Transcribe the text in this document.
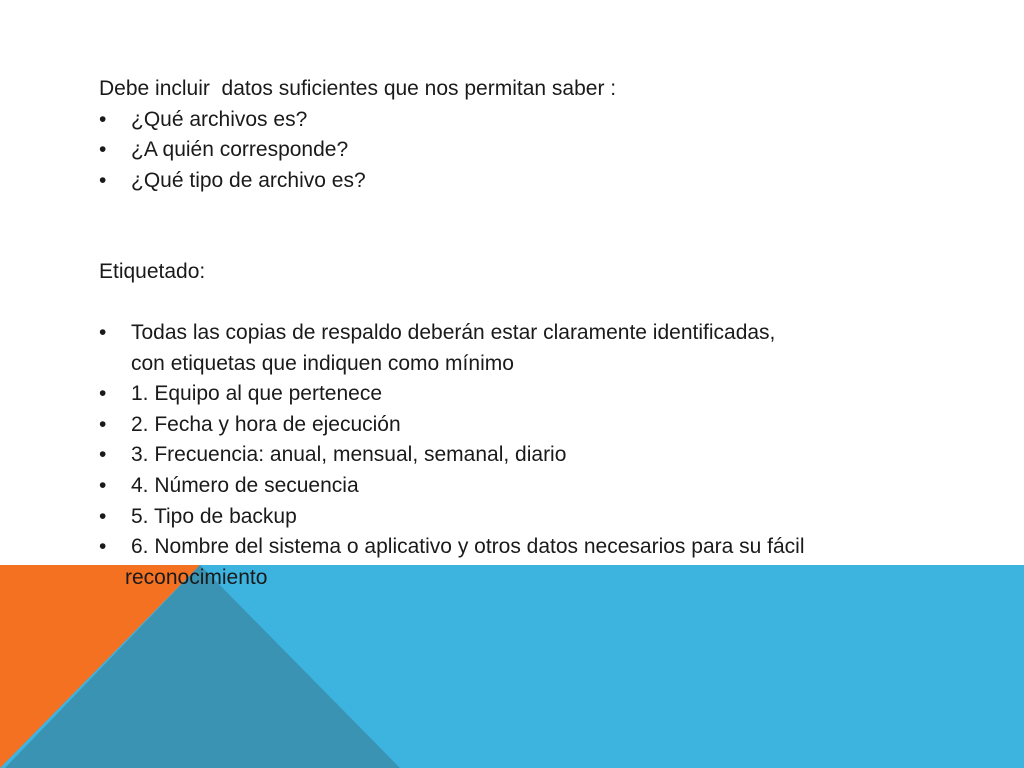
Debe incluir  datos suficientes que nos permitan saber :

• ¿Qué archivos es?
• ¿A quién corresponde?
• ¿Qué tipo de archivo es?

Etiquetado:

• Todas las copias de respaldo deberán estar claramente identificadas,
con etiquetas que indiquen como mínimo
• 1. Equipo al que pertenece
• 2. Fecha y hora de ejecución
• 3. Frecuencia: anual, mensual, semanal, diario
• 4. Número de secuencia
• 5. Tipo de backup
• 6. Nombre del sistema o aplicativo y otros datos necesarios para su fácil

reconocimiento
